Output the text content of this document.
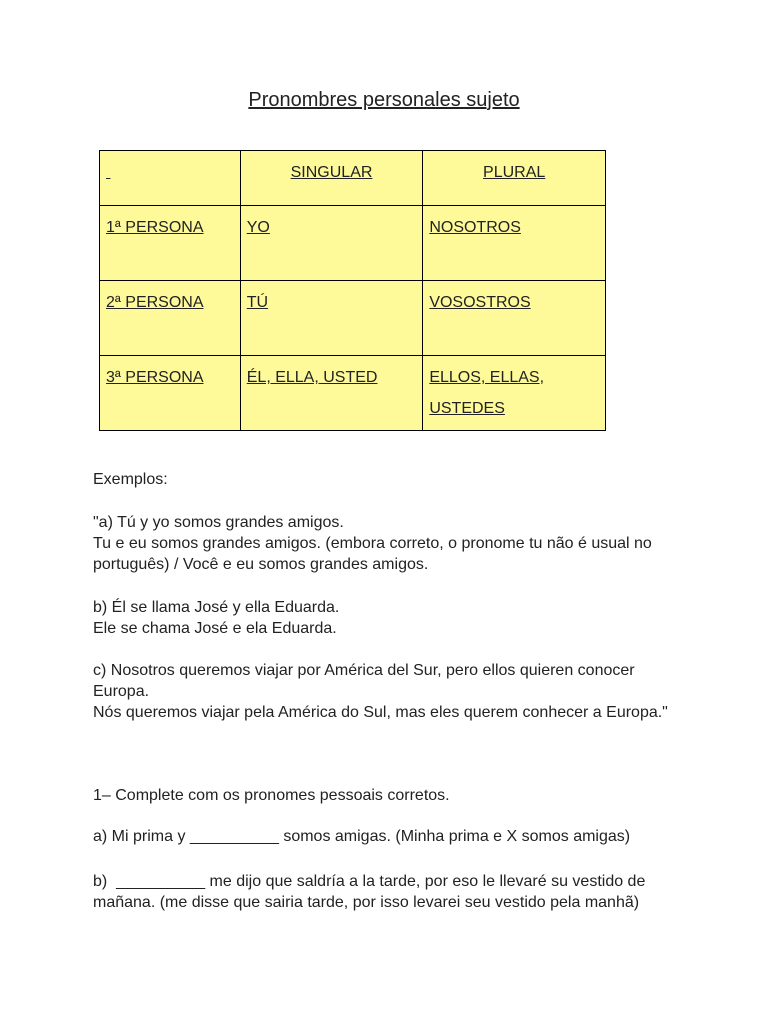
Pronombres personales sujeto
	SINGULAR	PLURAL
1ª PERSONA	YO	NOSOTROS
2ª PERSONA	TÚ	VOSOSTROS
3ª PERSONA	ÉL, ELLA, USTED	ELLOS, ELLAS, USTEDES

Exemplos:

"a) Tú y yo somos grandes amigos.
Tu e eu somos grandes amigos. (embora correto, o pronome tu não é usual no português) / Você e eu somos grandes amigos.

b) Él se llama José y ella Eduarda.
Ele se chama José e ela Eduarda.

c) Nosotros queremos viajar por América del Sur, pero ellos quieren conocer Europa.
Nós queremos viajar pela América do Sul, mas eles querem conhecer a Europa."

1– Complete com os pronomes pessoais corretos.

a) Mi prima y __________ somos amigas. (Minha prima e X somos amigas)

b)  __________ me dijo que saldría a la tarde, por eso le llevaré su vestido de mañana. (me disse que sairia tarde, por isso levarei seu vestido pela manhã)
